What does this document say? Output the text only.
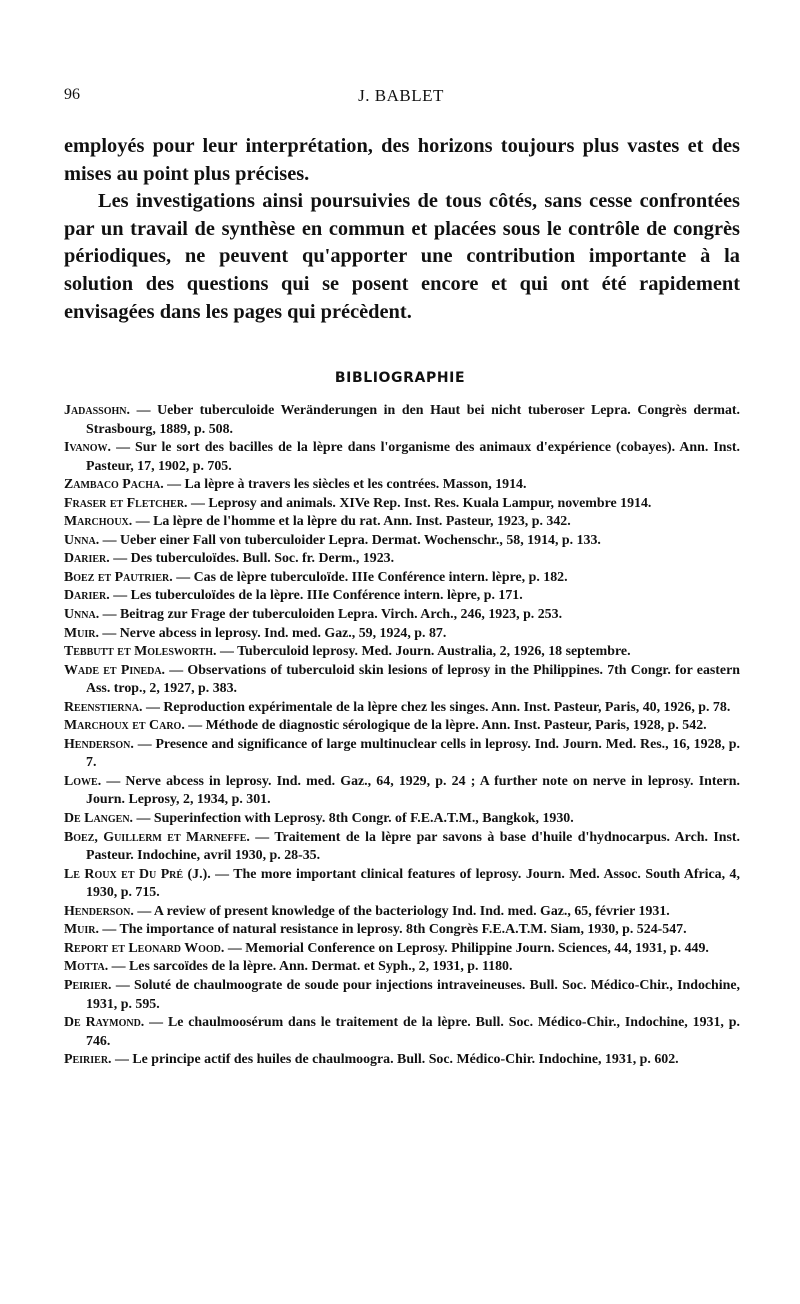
96	J. BABLET

employés pour leur interprétation, des horizons toujours plus vastes et des mises au point plus précises.

Les investigations ainsi poursuivies de tous côtés, sans cesse confrontées par un travail de synthèse en commun et placées sous le contrôle de congrès périodiques, ne peuvent qu'apporter une contribution importante à la solution des questions qui se posent encore et qui ont été rapidement envisagées dans les pages qui précèdent.

BIBLIOGRAPHIE

Jadassohn. — Ueber tuberculoide Weränderungen in den Haut bei nicht tuberoser Lepra. Congrès dermat. Strasbourg, 1889, p. 508.

Ivanow. — Sur le sort des bacilles de la lèpre dans l'organisme des animaux d'expérience (cobayes). Ann. Inst. Pasteur, 17, 1902, p. 705.

Zambaco Pacha. — La lèpre à travers les siècles et les contrées. Masson, 1914.

Fraser et Fletcher. — Leprosy and animals. XIVe Rep. Inst. Res. Kuala Lampur, novembre 1914.

Marchoux. — La lèpre de l'homme et la lèpre du rat. Ann. Inst. Pasteur, 1923, p. 342.

Unna. — Ueber einer Fall von tuberculoider Lepra. Dermat. Wochenschr., 58, 1914, p. 133.

Darier. — Des tuberculoïdes. Bull. Soc. fr. Derm., 1923.

Boez et Pautrier. — Cas de lèpre tuberculoïde. IIIe Conférence intern. lèpre, p. 182.

Darier. — Les tuberculoïdes de la lèpre. IIIe Conférence intern. lèpre, p. 171.

Unna. — Beitrag zur Frage der tuberculoiden Lepra. Virch. Arch., 246, 1923, p. 253.

Muir. — Nerve abcess in leprosy. Ind. med. Gaz., 59, 1924, p. 87.

Tebbutt et Molesworth. — Tuberculoid leprosy. Med. Journ. Australia, 2, 1926, 18 septembre.

Wade et Pineda. — Observations of tuberculoid skin lesions of leprosy in the Philippines. 7th Congr. for eastern Ass. trop., 2, 1927, p. 383.

Reenstierna. — Reproduction expérimentale de la lèpre chez les singes. Ann. Inst. Pasteur, Paris, 40, 1926, p. 78.

Marchoux et Caro. — Méthode de diagnostic sérologique de la lèpre. Ann. Inst. Pasteur, Paris, 1928, p. 542.

Henderson. — Presence and significance of large multinuclear cells in leprosy. Ind. Journ. Med. Res., 16, 1928, p. 7.

Lowe. — Nerve abcess in leprosy. Ind. med. Gaz., 64, 1929, p. 24 ; A further note on nerve in leprosy. Intern. Journ. Leprosy, 2, 1934, p. 301.

De Langen. — Superinfection with Leprosy. 8th Congr. of F.E.A.T.M., Bangkok, 1930.

Boez, Guillerm et Marneffe. — Traitement de la lèpre par savons à base d'huile d'hydnocarpus. Arch. Inst. Pasteur. Indochine, avril 1930, p. 28-35.

Le Roux et Du Pré (J.). — The more important clinical features of leprosy. Journ. Med. Assoc. South Africa, 4, 1930, p. 715.

Henderson. — A review of present knowledge of the bacteriology Ind. Ind. med. Gaz., 65, février 1931.

Muir. — The importance of natural resistance in leprosy. 8th Congrès F.E.A.T.M. Siam, 1930, p. 524-547.

Report et Leonard Wood. — Memorial Conference on Leprosy. Philippine Journ. Sciences, 44, 1931, p. 449.

Motta. — Les sarcoïdes de la lèpre. Ann. Dermat. et Syph., 2, 1931, p. 1180.

Peirier. — Soluté de chaulmoograte de soude pour injections intraveineuses. Bull. Soc. Médico-Chir., Indochine, 1931, p. 595.

De Raymond. — Le chaulmoosérum dans le traitement de la lèpre. Bull. Soc. Médico-Chir., Indochine, 1931, p. 746.

Peirier. — Le principe actif des huiles de chaulmoogra. Bull. Soc. Médico-Chir. Indochine, 1931, p. 602.
